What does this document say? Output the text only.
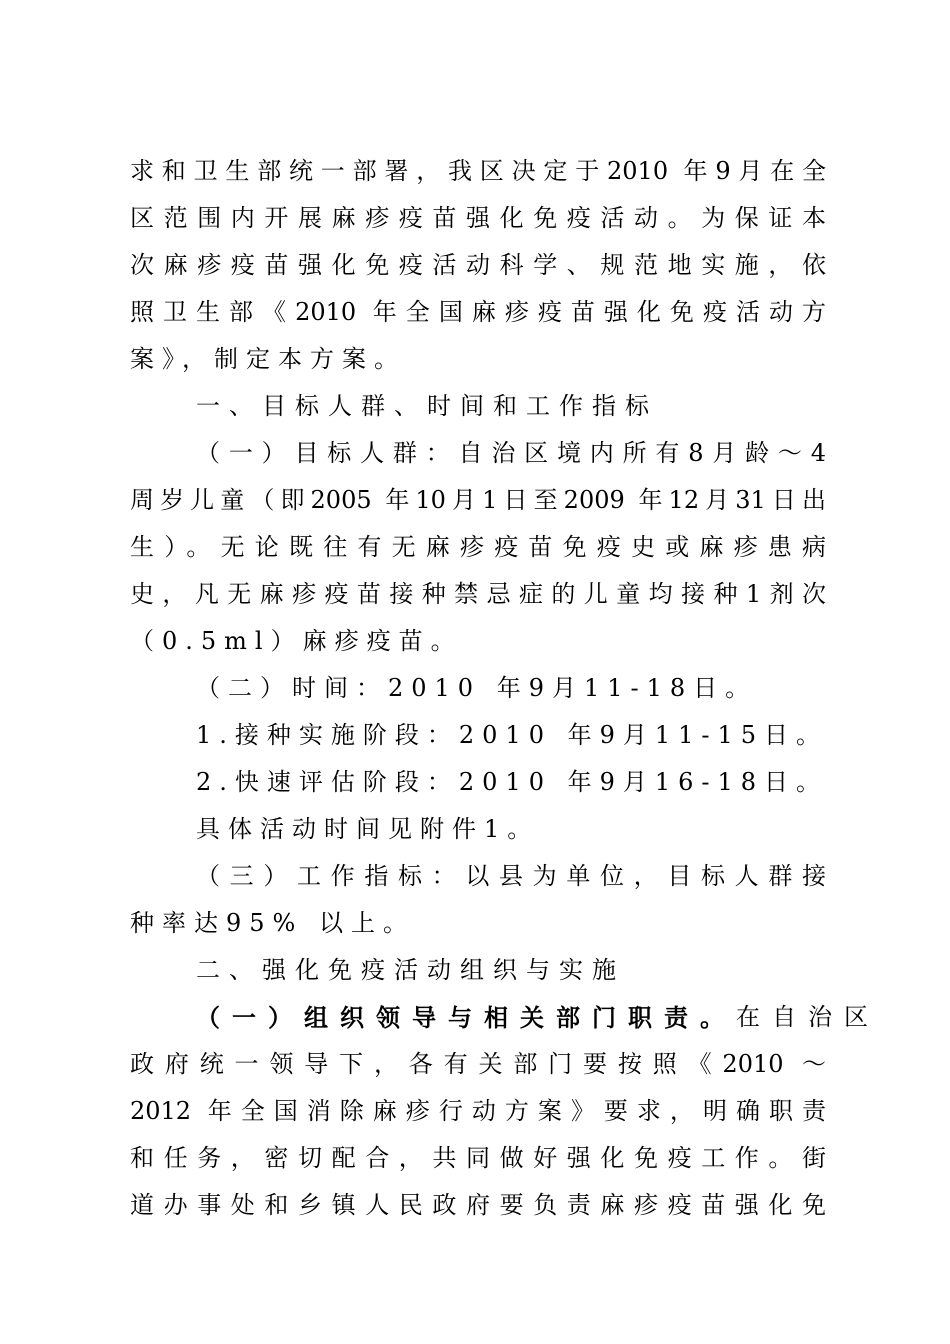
求和卫生部统一部署，我区决定于2010 年9月在全
区范围内开展麻疹疫苗强化免疫活动。为保证本
次麻疹疫苗强化免疫活动科学、规范地实施，依
照卫生部《2010 年全国麻疹疫苗强化免疫活动方
案》，制定本方案。
一、目标人群、时间和工作指标
（一）目标人群：自治区境内所有8月龄～4
周岁儿童（即2005 年10月1日至2009 年12月31日出
生）。无论既往有无麻疹疫苗免疫史或麻疹患病
史，凡无麻疹疫苗接种禁忌症的儿童均接种1剂次
（0.5ml）麻疹疫苗。
（二）时间：2010 年9月11-18日。
1.接种实施阶段：2010 年9月11-15日。
2.快速评估阶段：2010 年9月16-18日。
具体活动时间见附件1。
（三）工作指标：以县为单位，目标人群接
种率达95% 以上。
二、强化免疫活动组织与实施
（一）组织领导与相关部门职责。 在自治区
政府统一领导下，各有关部门要按照《2010 ～
2012 年全国消除麻疹行动方案》要求，明确职责
和任务，密切配合，共同做好强化免疫工作。街
道办事处和乡镇人民政府要负责麻疹疫苗强化免
